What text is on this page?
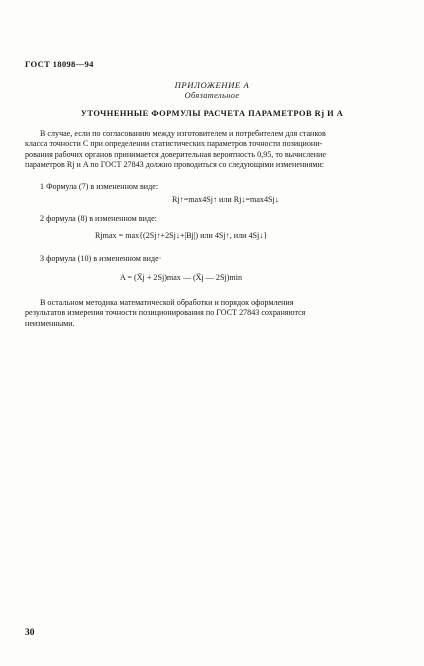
ГОСТ 18098—94
ПРИЛОЖЕНИЕ А
Обязательное
УТОЧНЕННЫЕ ФОРМУЛЫ РАСЧЕТА ПАРАМЕТРОВ Rj И A
В случае, если по согласованию между изготовителем и потребителем для станков
класса точности С при определении статистических параметров точности позициони-
рования рабочих органов принимается доверительная вероятность 0,95, то вычисление
параметров Rj и A по ГОСТ 27843 должно проводиться со следующими изменениями:
1 Формула (7) в измененном виде:
Rj↑=max4Sj↑ или Rj↓=max4Sj↓
2 формула (8) в измененном виде:
Rjmax = max{(2Sj↑+2Sj↓+|Bj|) или 4Sj↑, или 4Sj↓}
3 формула (10) в измененном виде·
A = (X̄j + 2Sj)max — (X̄j — 2Sj)min
В остальном методика математической обработки и порядок оформления
результатов измерения точности позиционирования по ГОСТ 27843 сохраняются
неизменными.
30
